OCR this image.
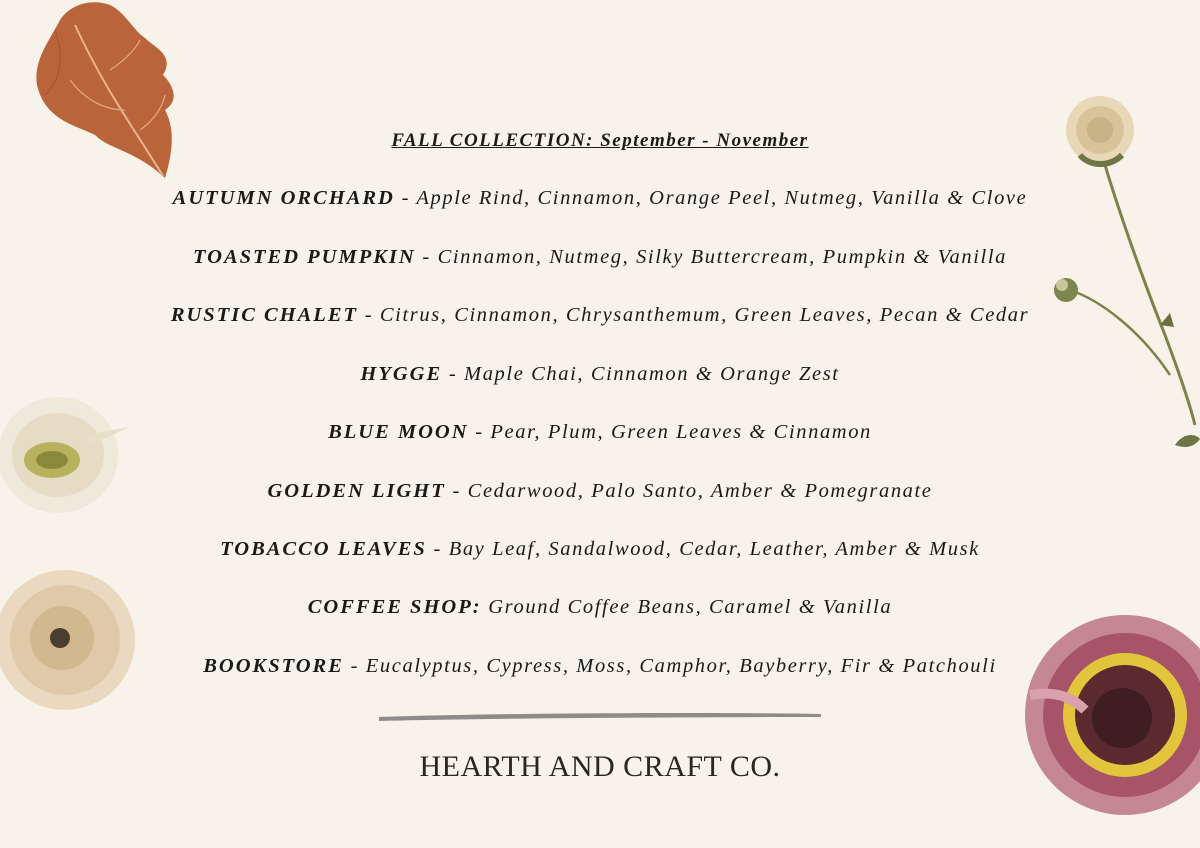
FALL COLLECTION: September - November
AUTUMN ORCHARD - Apple Rind, Cinnamon, Orange Peel, Nutmeg, Vanilla & Clove
TOASTED PUMPKIN - Cinnamon, Nutmeg, Silky Buttercream, Pumpkin & Vanilla
RUSTIC CHALET - Citrus, Cinnamon, Chrysanthemum, Green Leaves, Pecan & Cedar
HYGGE - Maple Chai, Cinnamon & Orange Zest
BLUE MOON - Pear, Plum, Green Leaves & Cinnamon
GOLDEN LIGHT - Cedarwood, Palo Santo, Amber & Pomegranate
TOBACCO LEAVES - Bay Leaf, Sandalwood, Cedar, Leather, Amber & Musk
COFFEE SHOP: Ground Coffee Beans, Caramel & Vanilla
BOOKSTORE - Eucalyptus, Cypress, Moss, Camphor, Bayberry, Fir & Patchouli
HEARTH AND CRAFT CO.
